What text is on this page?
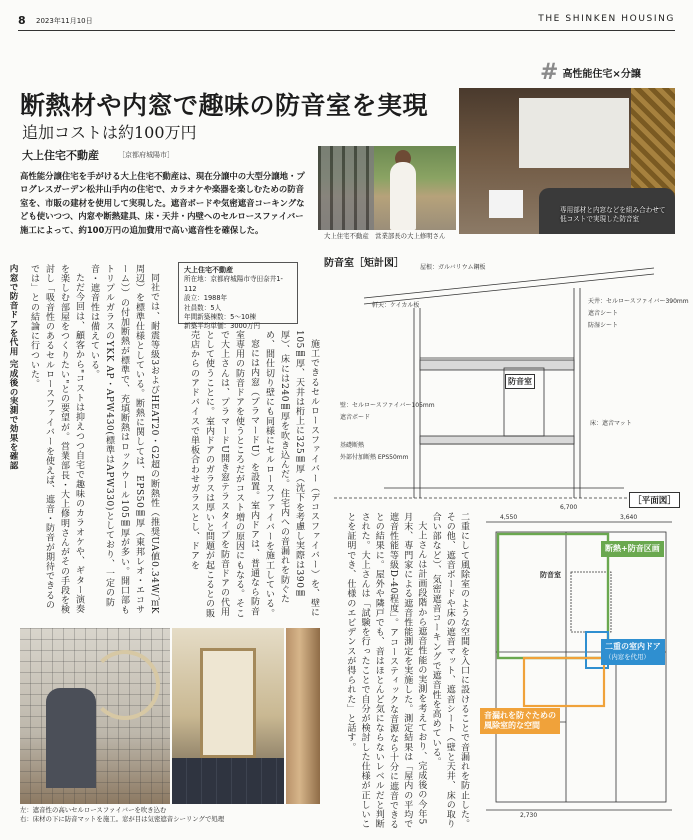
8 2023年11月10日	THE SHINKEN HOUSING
# 高性能住宅×分譲
断熱材や内窓で趣味の防音室を実現
追加コストは約100万円
大上住宅不動産	［京都府城陽市］
高性能分譲住宅を手がける大上住宅不動産は、現在分譲中の大型分譲地・プログレスガーデン松井山手内の住宅で、カラオケや楽器を楽しむための防音室を、市販の建材を使用して実現した。遮音ボードや気密遮音コーキングなども使いつつ、内窓や断熱建具、床・天井・内壁へのセルロースファイバー施工によって、約100万円の追加費用で高い遮音性を確保した。
大上住宅不動産　営業部長の大上修明さん
専用部材と内窓などを組み合わせて低コストで実現した防音室
大上住宅不動産
所在地：京都府城陽市寺田奈井1-112
設立：1988年
社員数：5人
年間新築棟数：5～10棟
新築平均単価：3000万円

同社では、耐震等級3およびHEAT20・G2超の断熱性（推奨UA値0.34W/㎡K周辺）を標準仕様としている。断熱に関しては、EPS50㎜厚（東邦レオ・エコサーム））の付加断熱が標準で、充填断熱はロックウール105㎜厚が多い。開口部もトリプルガラスのYKK AP・APW430(標準はAPW330)としており、一定の防音・遮音性は備えている。

ただ今回は、顧客から"コストは抑えつつ自宅で趣味のカラオケや、ギター演奏を楽しむ部屋をつくりたい"との要望が。営業部長・大上修明さんがその手段を検討し「吸音性のあるセルロースファイバーを使えば、遮音・防音が期待できるのでは」との結論に行ついた。

内窓で防音ドアを代用 完成後の実測で効果を確認	施工できるセルロースファイバー（デコスファイバー）を、壁に105㎜厚、天井は桁上に325㎜厚（沈下を考慮し実際は390㎜厚）、床には240㎜厚を吹き込んだ。住宅内への音漏れを防ぐため、間仕切り壁にも同様にセルロースファイバーを施工している。

窓には内窓（プラマードU）を設置。室内ドアは、普通なら防音室専用の防音ドアを使うところだがコスト増の原因にもなる。そこで大上さんは、プラマードU開き窓テラスタイプを防音ドアの代用として使うことに。室内ドアのガラスは厚いと問題が起こるとの販売店からのアドバイスで単板合わせガラスとし、ドアを

防音室［矩計図］	屋根：ガルバリウム鋼板
軒天：ケイカル板
天井：セルロースファイバー390mm
遮音シート
防湿シート
防音室
床：遮音マット
壁：セルロースファイバー105mm
遮音ボード
基礎断熱
外部付加断熱 EPS50mm
［平面図］
6,700
4,550	3,640
2,730
防音室
断熱+防音区画
二重の室内ドア
（内窓を代用）
音漏れを防ぐための風除室的な空間

二重にして風除室のような空間を入口に設けることで音漏れを防止した。その他、遮音ボードや床の遮音マット、遮音シート（壁と天井、床の取り合い部など）、気密遮音コーキングで遮音性を高めている。

大上さんは計画段階から遮音性能の実測を考えており、完成後の今年5月末、専門家による遮音性能測定を実施した。測定結果は「屋内の平均で遮音性能等級D-40程度」。アコースティックな音源なら十分に遮音できるとの結果に。屋外や隣戸でも、音はほとんど気にならないレベルだと判断された。大上さんは「試験を行ったことで自分が検討した仕様が正しいことを証明でき、仕様のエビデンスが得られた」と話す。

左：遮音性の高いセルロースファイバーを吹き込む
右：床材の下に防音マットを施工。窓が目は気密遮音シーリングで処理
